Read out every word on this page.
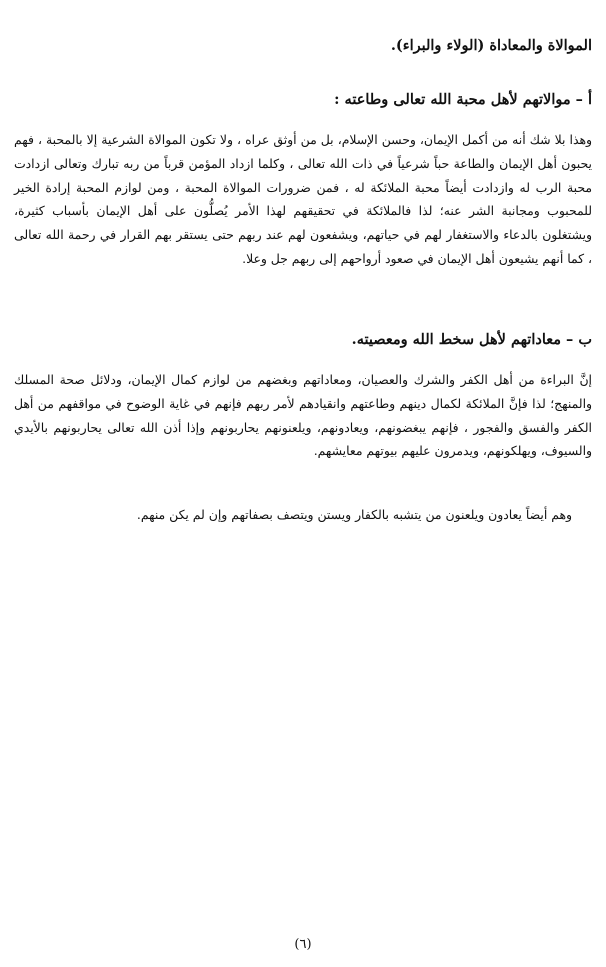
الموالاة والمعاداة (الولاء والبراء).
أ – موالاتهم لأهل محبة الله تعالى وطاعته :

وهذا بلا شك أنه من أكمل الإيمان، وحسن الإسلام، بل من أوثق عراه ، ولا تكون الموالاة الشرعية إلا بالمحبة ، فهم يحبون أهل الإيمان والطاعة حباً شرعياً في ذات الله تعالى ، وكلما ازداد المؤمن قرباً من ربه تبارك وتعالى ازدادت محبة الرب له وازدادت أيضاً محبة الملائكة له ، فمن ضرورات الموالاة المحبة ، ومن لوازم المحبة إرادة الخير للمحبوب ومجانبة الشر عنه؛ لذا فالملائكة في تحقيقهم لهذا الأمر يُصلُّون على أهل الإيمان بأسباب كثيرة، ويشتغلون بالدعاء والاستغفار لهم في حياتهم، ويشفعون لهم عند ربهم حتى يستقر بهم القرار في رحمة الله تعالى ، كما أنهم يشيعون أهل الإيمان في صعود أرواحهم إلى ربهم جل وعلا.

ب – معاداتهم لأهل سخط الله ومعصيته.

إنَّ البراءة من أهل الكفر والشرك والعصيان، ومعاداتهم وبغضهم من لوازم كمال الإيمان، ودلائل صحة المسلك والمنهج؛ لذا فإنَّ الملائكة لكمال دينهم وطاعتهم وانقيادهم لأمر ربهم فإنهم في غاية الوضوح في مواقفهم من أهل الكفر والفسق والفجور ، فإنهم يبغضونهم، ويعادونهم، ويلعنونهم يحاربونهم وإذا أذن الله تعالى يحاربونهم بالأيدي والسيوف، ويهلكونهم، ويدمرون عليهم بيوتهم معايشهم.

وهم أيضاً يعادون ويلعنون من يتشبه بالكفار ويستن ويتصف بصفاتهم وإن لم يكن منهم.

(٦)
